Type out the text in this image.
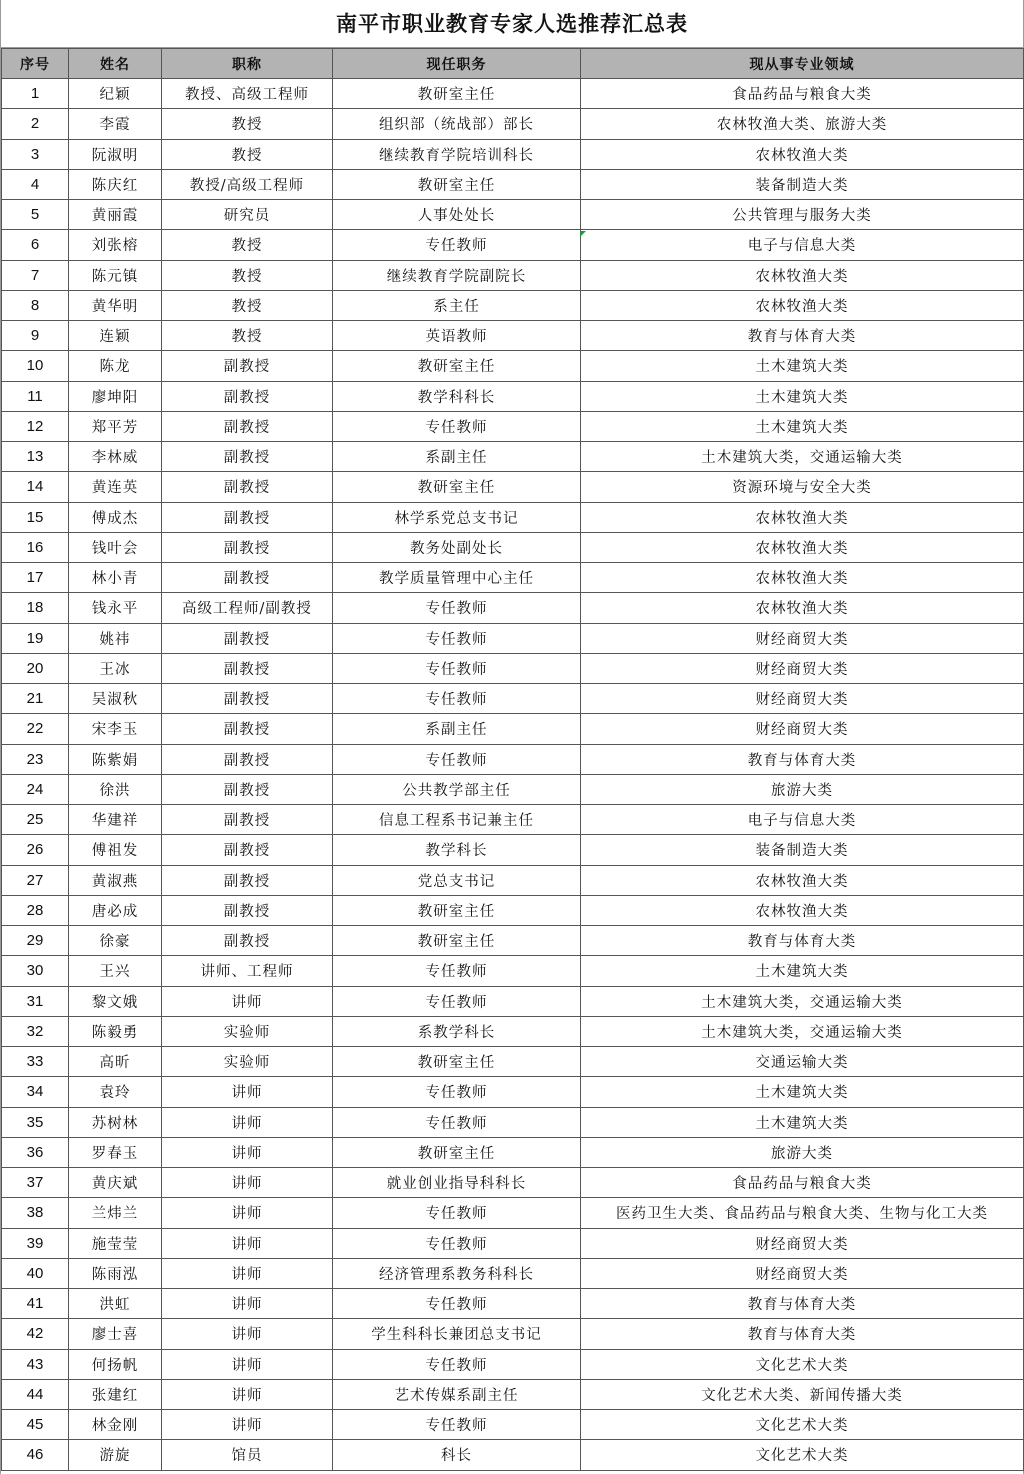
南平市职业教育专家人选推荐汇总表
序号	姓名	职称	现任职务	现从事专业领域
1	纪颖	教授、高级工程师	教研室主任	食品药品与粮食大类
2	李霞	教授	组织部（统战部）部长	农林牧渔大类、旅游大类
3	阮淑明	教授	继续教育学院培训科长	农林牧渔大类
4	陈庆红	教授/高级工程师	教研室主任	装备制造大类
5	黄丽霞	研究员	人事处处长	公共管理与服务大类
6	刘张榕	教授	专任教师	电子与信息大类
7	陈元镇	教授	继续教育学院副院长	农林牧渔大类
8	黄华明	教授	系主任	农林牧渔大类
9	连颖	教授	英语教师	教育与体育大类
10	陈龙	副教授	教研室主任	土木建筑大类
11	廖坤阳	副教授	教学科科长	土木建筑大类
12	郑平芳	副教授	专任教师	土木建筑大类
13	李林威	副教授	系副主任	土木建筑大类，交通运输大类
14	黄连英	副教授	教研室主任	资源环境与安全大类
15	傅成杰	副教授	林学系党总支书记	农林牧渔大类
16	钱叶会	副教授	教务处副处长	农林牧渔大类
17	林小青	副教授	教学质量管理中心主任	农林牧渔大类
18	钱永平	高级工程师/副教授	专任教师	农林牧渔大类
19	姚祎	副教授	专任教师	财经商贸大类
20	王冰	副教授	专任教师	财经商贸大类
21	吴淑秋	副教授	专任教师	财经商贸大类
22	宋李玉	副教授	系副主任	财经商贸大类
23	陈紫娟	副教授	专任教师	教育与体育大类
24	徐洪	副教授	公共教学部主任	旅游大类
25	华建祥	副教授	信息工程系书记兼主任	电子与信息大类
26	傅祖发	副教授	教学科长	装备制造大类
27	黄淑燕	副教授	党总支书记	农林牧渔大类
28	唐必成	副教授	教研室主任	农林牧渔大类
29	徐豪	副教授	教研室主任	教育与体育大类
30	王兴	讲师、工程师	专任教师	土木建筑大类
31	黎文娥	讲师	专任教师	土木建筑大类，交通运输大类
32	陈毅勇	实验师	系教学科长	土木建筑大类，交通运输大类
33	高昕	实验师	教研室主任	交通运输大类
34	袁玲	讲师	专任教师	土木建筑大类
35	苏树林	讲师	专任教师	土木建筑大类
36	罗春玉	讲师	教研室主任	旅游大类
37	黄庆斌	讲师	就业创业指导科科长	食品药品与粮食大类
38	兰炜兰	讲师	专任教师	医药卫生大类、食品药品与粮食大类、生物与化工大类
39	施莹莹	讲师	专任教师	财经商贸大类
40	陈雨泓	讲师	经济管理系教务科科长	财经商贸大类
41	洪虹	讲师	专任教师	教育与体育大类
42	廖士喜	讲师	学生科科长兼团总支书记	教育与体育大类
43	何扬帆	讲师	专任教师	文化艺术大类
44	张建红	讲师	艺术传媒系副主任	文化艺术大类、新闻传播大类
45	林金刚	讲师	专任教师	文化艺术大类
46	游旋	馆员	科长	文化艺术大类
